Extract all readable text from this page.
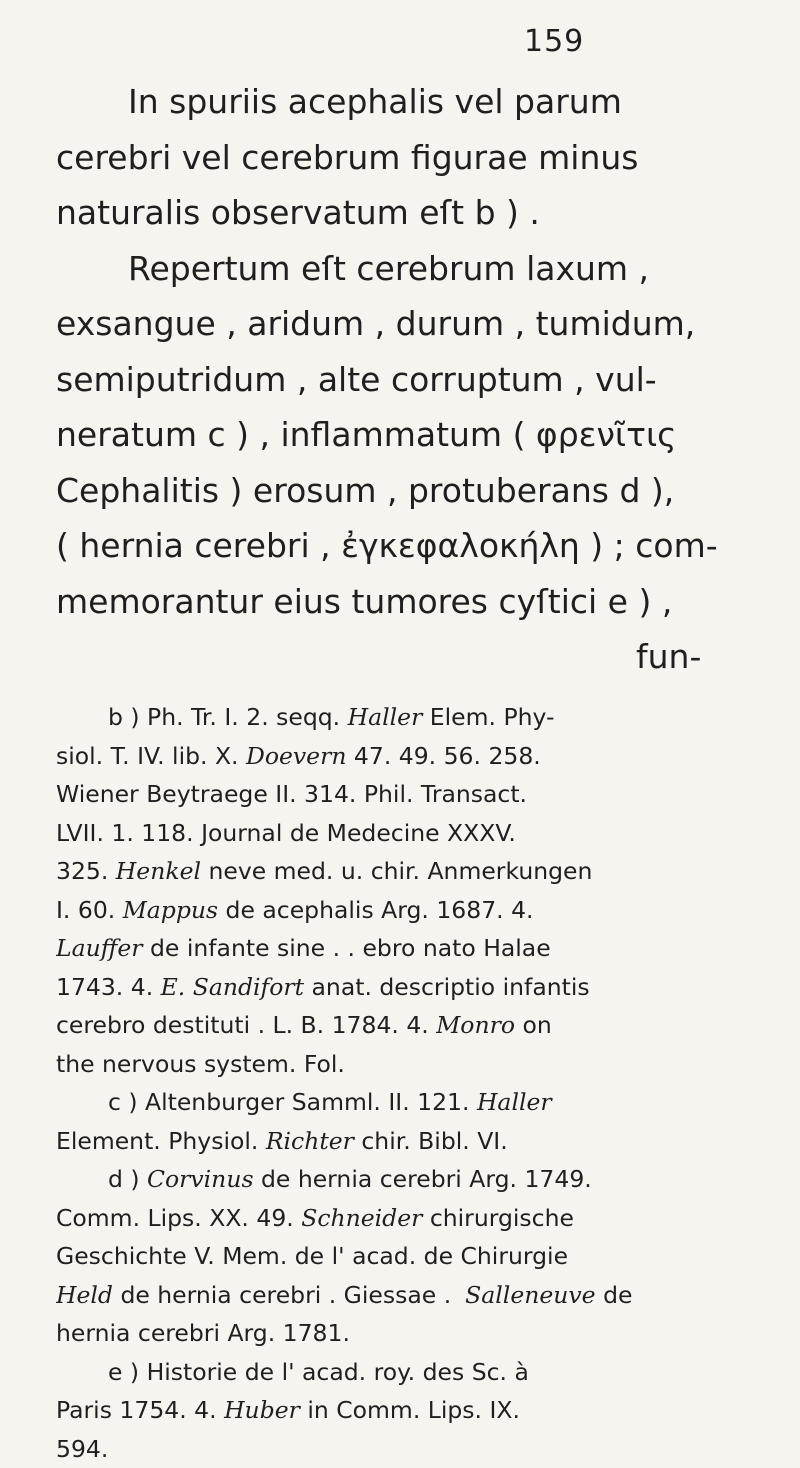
159
In spuriis acephalis vel parum
cerebri vel cerebrum figurae minus
naturalis observatum eſt b ) .
Repertum eſt cerebrum laxum ,
exsangue , aridum , durum , tumidum,
semiputridum , alte corruptum , vul-
neratum c ) , inflammatum ( φρενῖτις
Cephalitis ) erosum , protuberans d ),
( hernia cerebri , ἐγκεφαλοκήλη ) ; com-
memorantur eius tumores cyſtici e ) ,
fun-
b ) Ph. Tr. I. 2. seqq. Haller Elem. Phy-
siol. T. IV. lib. X. Doevern 47. 49. 56. 258.
Wiener Beytraege II. 314. Phil. Transact.
LVII. 1. 118. Journal de Medecine XXXV.
325. Henkel neve med. u. chir. Anmerkungen
I. 60. Mappus de acephalis Arg. 1687. 4.
Lauffer de infante sine . . ebro nato Halae
1743. 4. E. Sandifort anat. descriptio infantis
cerebro destituti . L. B. 1784. 4. Monro on
the nervous system. Fol.
c ) Altenburger Samml. II. 121. Haller
Element. Physiol. Richter chir. Bibl. VI.
d ) Corvinus de hernia cerebri Arg. 1749.
Comm. Lips. XX. 49. Schneider chirurgische
Geschichte V. Mem. de l' acad. de Chirurgie
Held de hernia cerebri . Giessae . Salleneuve de
hernia cerebri Arg. 1781.
e ) Historie de l' acad. roy. des Sc. à
Paris 1754. 4. Huber in Comm. Lips. IX.
594.
